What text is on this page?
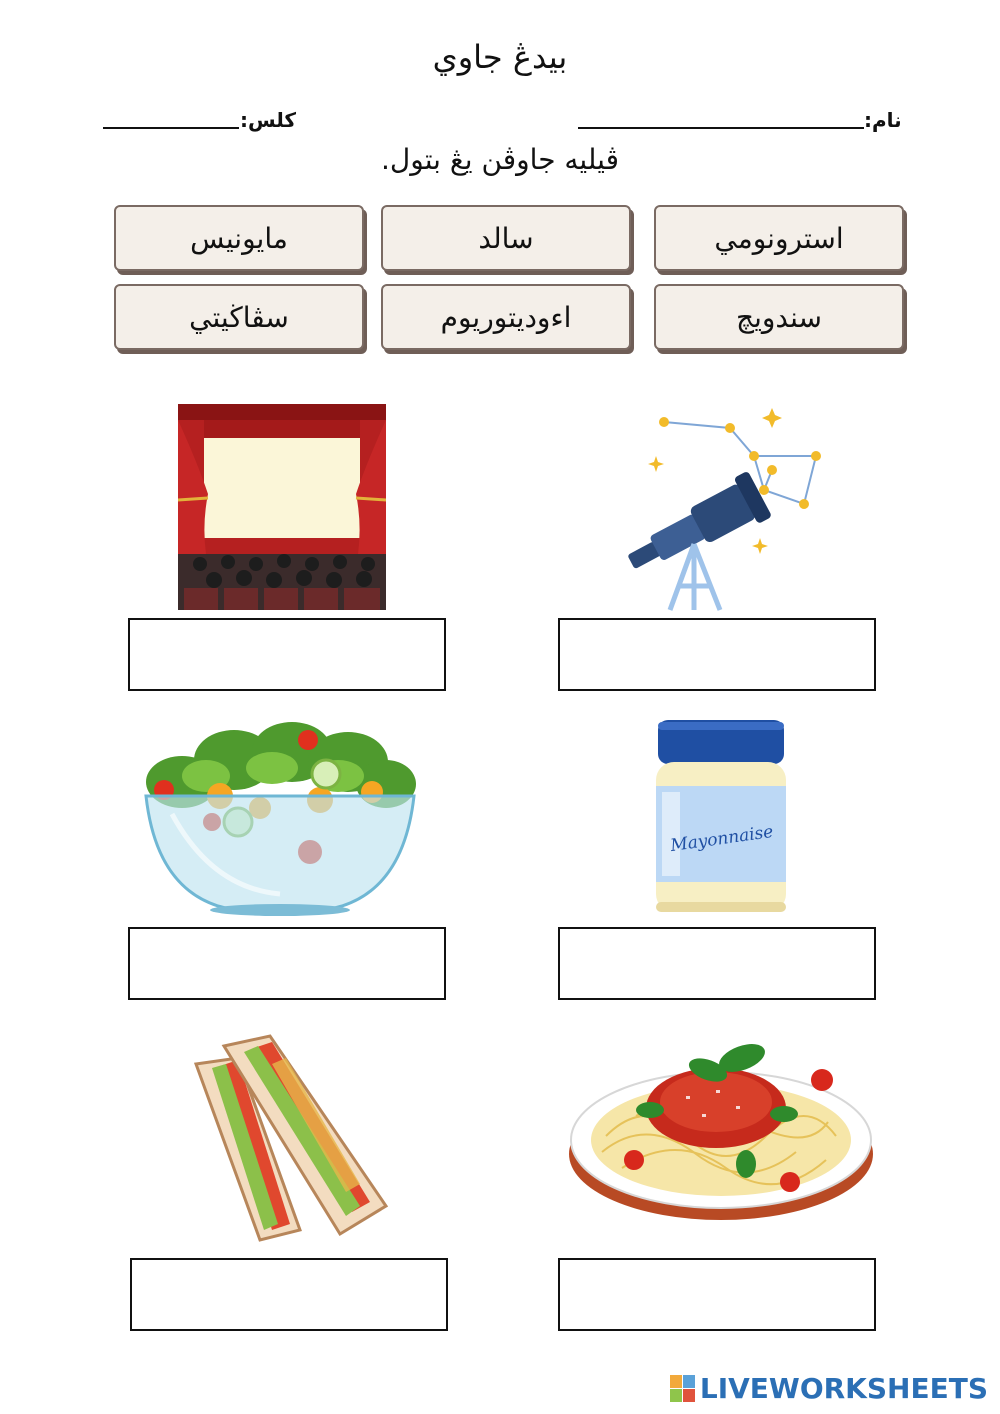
بيدڠ جاوي
نام:
كلس:
ڤيليه جاوڤن يڠ بتول.
استرونومي
سالد
مايونيس
سندويچ
اءوديتوريوم
سڤاڬيتي
Mayonnaise
LIVEWORKSHEETS
